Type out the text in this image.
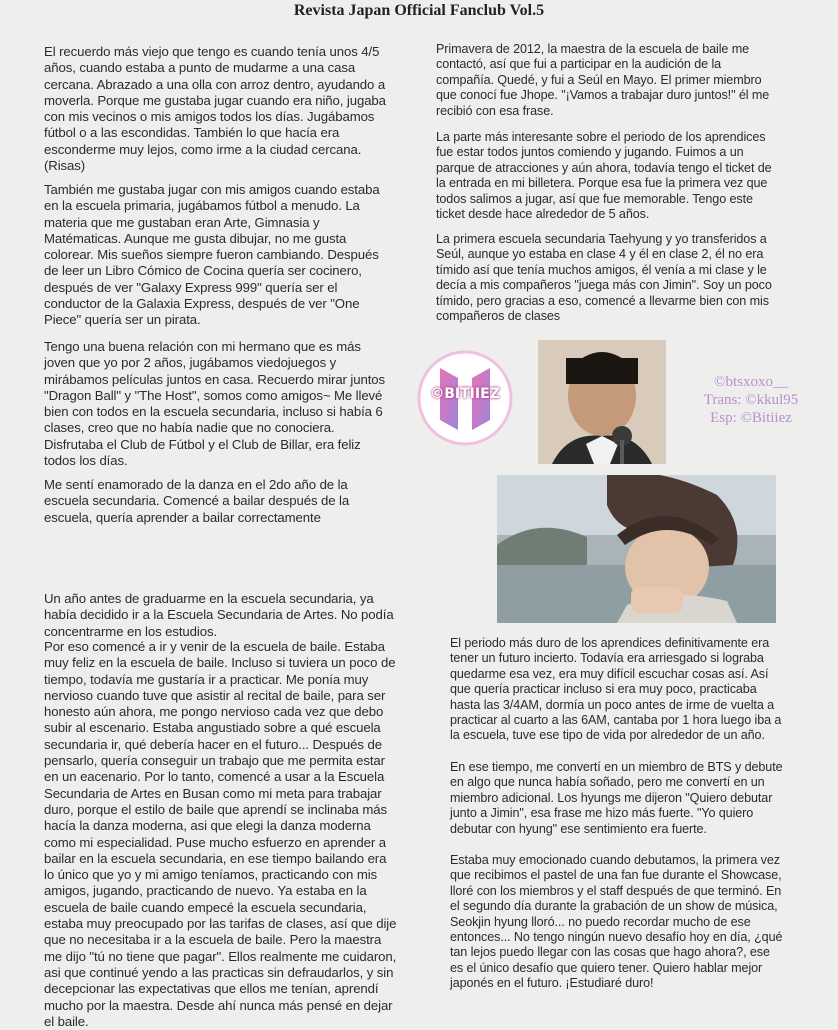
Revista Japan Official Fanclub Vol.5

El recuerdo más viejo que tengo es cuando tenía unos 4/5 años, cuando estaba a punto de mudarme a una casa cercana. Abrazado a una olla con arroz dentro, ayudando a moverla. Porque me gustaba jugar cuando era niño, jugaba con mis vecinos o mis amigos todos los días. Jugábamos fútbol o a las escondidas. También lo que hacía era esconderme muy lejos, como irme a la ciudad cercana. (Risas)

También me gustaba jugar con mis amigos cuando estaba en la escuela primaria, jugábamos fútbol a menudo. La materia que me gustaban eran Arte, Gimnasia y Matématicas. Aunque me gusta dibujar, no me gusta colorear. Mis sueños siempre fueron cambiando. Después de leer un Libro Cómico de Cocina quería ser cocinero, después de ver "Galaxy Express 999" quería ser el conductor de la Galaxia Express, después de ver "One Piece" quería ser un pirata.

Tengo una buena relación con mi hermano que es más joven que yo por 2 años, jugábamos viedojuegos y mirábamos películas juntos en casa. Recuerdo mirar juntos "Dragon Ball" y "The Host", somos como amigos~ Me llevé bien con todos en la escuela secundaria, incluso si había 6 clases, creo que no había nadie que no conociera. Disfrutaba el Club de Fútbol y el Club de Billar, era feliz todos los días.

Me sentí enamorado de la danza en el 2do año de la escuela secundaria. Comencé a bailar después de la escuela, quería aprender a bailar correctamente

Un año antes de graduarme en la escuela secundaria, ya había decidido ir a la Escuela Secundaria de Artes. No podía concentrarme en los estudios.

Por eso comencé a ir y venir de la escuela de baile. Estaba muy feliz en la escuela de baile. Incluso si tuviera un poco de tiempo, todavía me gustaría ir a practicar. Me ponía muy nervioso cuando tuve que asistir al recital de baile, para ser honesto aún ahora, me pongo nervioso cada vez que debo subir al escenario. Estaba angustiado sobre a qué escuela secundaria ir, qué debería hacer en el futuro... Después de pensarlo, quería conseguir un trabajo que me permita estar en un eacenario. Por lo tanto, comencé a usar a la Escuela Secundaria de Artes en Busan como mi meta para trabajar duro, porque el estilo de baile que aprendí se inclinaba más hacía la danza moderna, asi que elegi la danza moderna como mi especialidad. Puse mucho esfuerzo en aprender a bailar en la escuela secundaria, en ese tiempo bailando era lo único que yo y mi amigo teníamos, practicando con mis amigos, jugando, practicando de nuevo. Ya estaba en la escuela de baile cuando empecé la escuela secundaria, estaba muy preocupado por las tarifas de clases, así que dije que no necesitaba ir a la escuela de baile. Pero la maestra me dijo "tú no tiene que pagar". Ellos realmente me cuidaron, asi que continué yendo a las practicas sin defraudarlos, y sin decepcionar las expectativas que ellos me tenían, aprendí mucho por la maestra. Desde ahí nunca más pensé en dejar el baile.

Primavera de 2012, la maestra de la escuela de baile me contactó, así que fui a participar en la audición de la compañía. Quedé, y fui a Seúl en Mayo. El primer miembro que conocí fue Jhope. "¡Vamos a trabajar duro juntos!" él me recibió con esa frase.

La parte más interesante sobre el periodo de los aprendices fue estar todos juntos comiendo y jugando. Fuimos a un parque de atracciones y aún ahora, todavía tengo el ticket de la entrada en mi billetera. Porque esa fue la primera vez que todos salimos a jugar, así que fue memorable. Tengo este ticket desde hace alrededor de 5 años.

La primera escuela secundaria Taehyung y yo transferidos a Seúl, aunque yo estaba en clase 4 y él en clase 2, él no era tímido así que tenía muchos amigos, él venía a mi clase y le decía a mis compañeros "juega más con Jimin". Soy un poco tímido, pero gracias a eso, comencé a llevarme bien con mis compañeros de clases

©BITIIEZ
©btsxoxo__
Trans: ©kkul95
Esp: ©Bitiiez

El periodo más duro de los aprendices definitivamente era tener un futuro incierto. Todavía era arriesgado si lograba quedarme esa vez, era muy difícil escuchar cosas así. Así que quería practicar incluso si era muy poco, practicaba hasta las 3/4AM, dormía un poco antes de irme de vuelta a practicar al cuarto a las 6AM, cantaba por 1 hora luego iba a la escuela, tuve ese tipo de vida por alrededor de un año.

En ese tiempo, me convertí en un miembro de BTS y debute en algo que nunca había soñado, pero me convertí en un miembro adicional. Los hyungs me dijeron "Quiero debutar junto a Jimin", esa frase me hizo más fuerte. "Yo quiero debutar con hyung" ese sentimiento era fuerte.

Estaba muy emocionado cuando debutamos, la primera vez que recibimos el pastel de una fan fue durante el Showcase, lloré con los miembros y el staff después de que terminó. En el segundo día durante la grabación de un show de música, Seokjin hyung lloró... no puedo recordar mucho de ese entonces... No tengo ningún nuevo desafío hoy en día, ¿qué tan lejos puedo llegar con las cosas que hago ahora?, ese es el único desafío que quiero tener. Quiero hablar mejor japonés en el futuro. ¡Estudiaré duro!
